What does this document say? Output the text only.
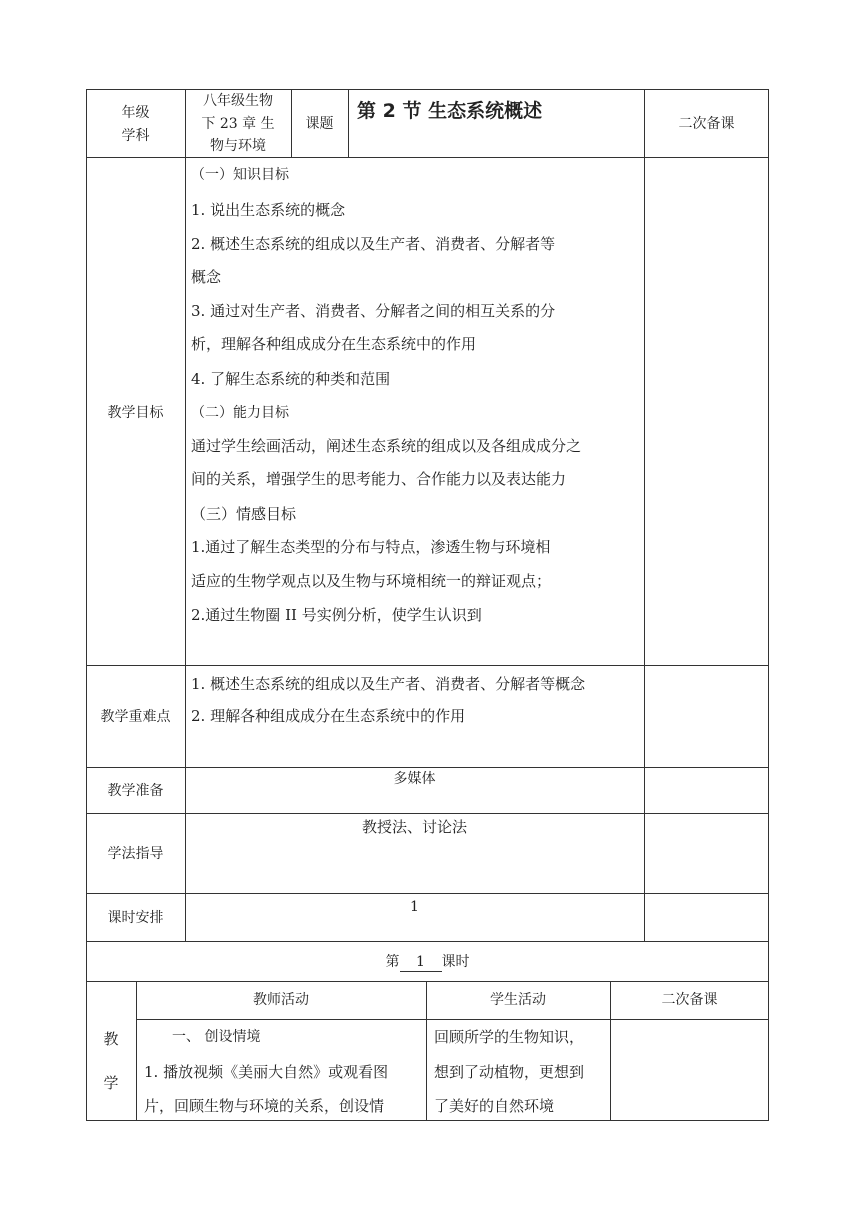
年级
学科
八年级生物
下 23 章 生
物与环境
课题
第 2 节 生态系统概述
二次备课
教学目标
（一）知识目标
1. 说出生态系统的概念
2. 概述生态系统的组成以及生产者、消费者、分解者等
概念
3. 通过对生产者、消费者、分解者之间的相互关系的分
析，理解各种组成成分在生态系统中的作用
4. 了解生态系统的种类和范围
（二）能力目标
通过学生绘画活动，阐述生态系统的组成以及各组成成分之
间的关系，增强学生的思考能力、合作能力以及表达能力
（三）情感目标
1.通过了解生态类型的分布与特点，渗透生物与环境相
适应的生物学观点以及生物与环境相统一的辩证观点；
2.通过生物圈 II 号实例分析，使学生认识到
教学重难点
1. 概述生态系统的组成以及生产者、消费者、分解者等概念
2. 理解各种组成成分在生态系统中的作用
教学准备
多媒体
学法指导
教授法、讨论法
课时安排
1
第 1 课时
教
学
教师活动	学生活动	二次备课
一、 创设情境
1. 播放视频《美丽大自然》或观看图
片，回顾生物与环境的关系，创设情
回顾所学的生物知识，
想到了动植物，更想到
了美好的自然环境
